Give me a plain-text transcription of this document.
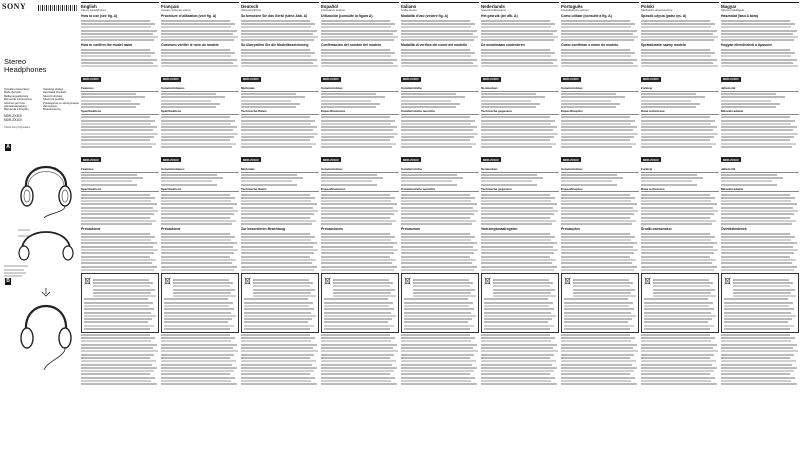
SONY
Stereo
Headphones
Operating Instructions
Mode d'emploi
Bedienungsanleitung
Manual de instrucciones
Istruzioni per l'uso
Gebruiksaanwijzing
Manual de instruções
Instrukcja obsługi
Használati útmutató
Návod k obsluze
Návod na použitie
Руководство по эксплуатации
Инструкция
Bruksanvisning
MDR-ZX300
MDR-ZX100
©2011 Sony Corporation
A
B
English
Stereo Headphones
How to use (see fig. A)
How to confirm the model name
MDR-ZX300
Features
Specifications
MDR-ZX100
Features
Specifications
Precautions
Français
Casque d'écoute stéréo
Procédure d'utilisation (voir fig. A)
Comment vérifier le nom du modèle
MDR-ZX300
Caractéristiques
Spécifications
MDR-ZX100
Caractéristiques
Spécifications
Précautions
Deutsch
Stereokopfhörer
So benutzen Sie das Gerät (siehe Abb. A)
So überprüfen Sie die Modellbezeichnung
MDR-ZX300
Merkmale
Technische Daten
MDR-ZX100
Merkmale
Technische Daten
Zur besonderen Beachtung
Español
Auriculares estéreo
Utilización (consulte la figura A)
Confirmación del nombre del modelo
MDR-ZX300
Características
Especificaciones
MDR-ZX100
Características
Especificaciones
Precauciones
Italiano
Cuffie stereo
Modalità d'uso (vedere fig. A)
Modalità di verifica del nome del modello
MDR-ZX300
Caratteristiche
Caratteristiche tecniche
MDR-ZX100
Caratteristiche
Caratteristiche tecniche
Precauzioni
Nederlands
Stereohoofdtelefoon
Het gebruik (zie afb. A)
De modelnaam controleren
MDR-ZX300
Kenmerken
Technische gegevens
MDR-ZX100
Kenmerken
Technische gegevens
Voorzorgsmaatregelen
Português
Auscultadores estéreo
Como utilizar (consulte a fig. A)
Como confirmar o nome do modelo
MDR-ZX300
Características
Especificações
MDR-ZX100
Características
Especificações
Precauções
Polski
Słuchawki stereofoniczne
Sposób użycia (patrz rys. A)
Sprawdzanie nazwy modelu
MDR-ZX300
Funkcje
Dane techniczne
MDR-ZX100
Funkcje
Dane techniczne
Środki ostrożności
Magyar
Sztereó fejhallgató
Használat (lásd A ábra)
Hogyan ellenőrizheti a típusnév
MDR-ZX300
Jellemzők
Műszaki adatok
MDR-ZX100
Jellemzők
Műszaki adatok
Óvintézkedések
